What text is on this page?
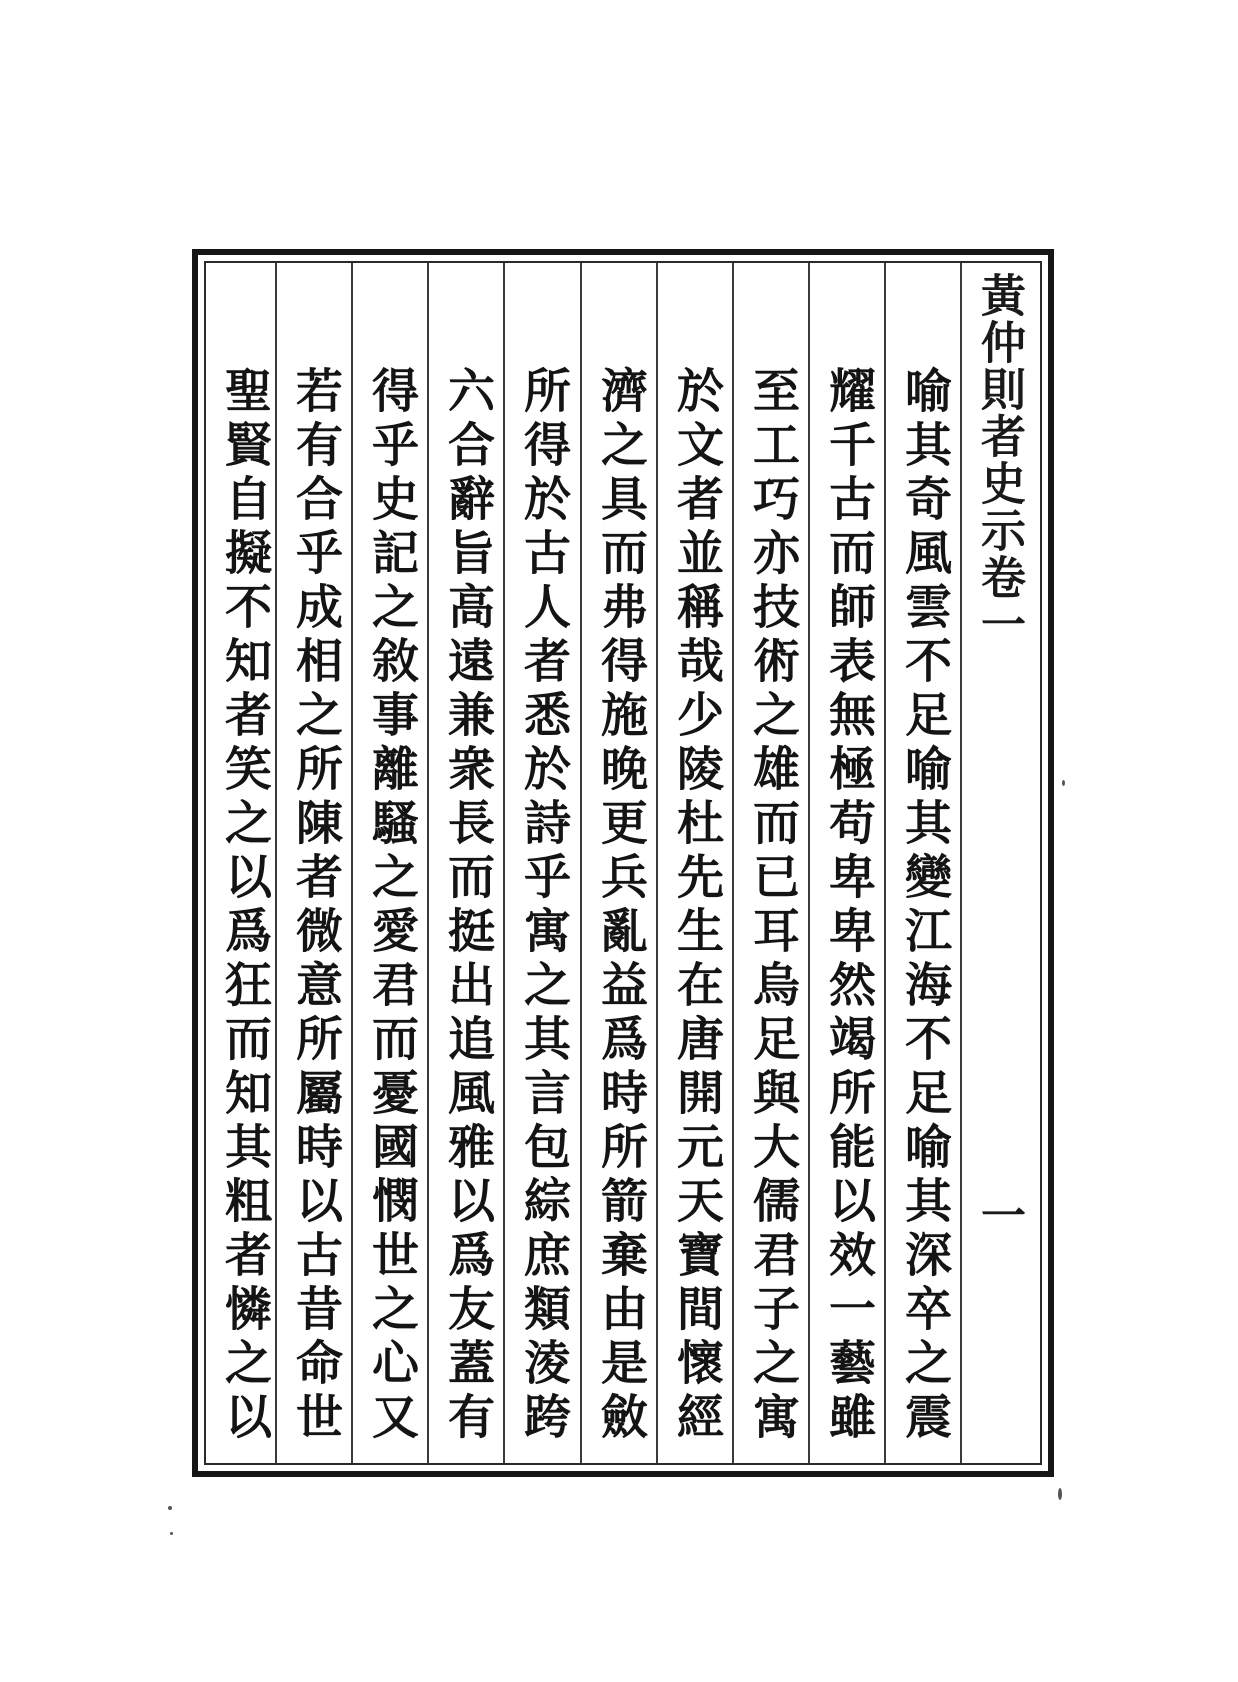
黃仲則者史示卷一
一
喻其奇風雲不足喻其變江海不足喻其深卒之震
耀千古而師表無極苟卑卑然竭所能以效一藝雖
至工巧亦技術之雄而已耳烏足與大儒君子之寓
於文者並稱哉少陵杜先生在唐開元天寶間懷經
濟之具而弗得施晚更兵亂益爲時所箭棄由是斂
所得於古人者悉於詩乎寓之其言包綜庶類淩跨
六合辭旨高遠兼衆長而挺出追風雅以爲友蓋有
得乎史記之敘事離騷之愛君而憂國憫世之心又
若有合乎成相之所陳者微意所屬時以古昔命世
聖賢自擬不知者笑之以爲狂而知其粗者憐之以
